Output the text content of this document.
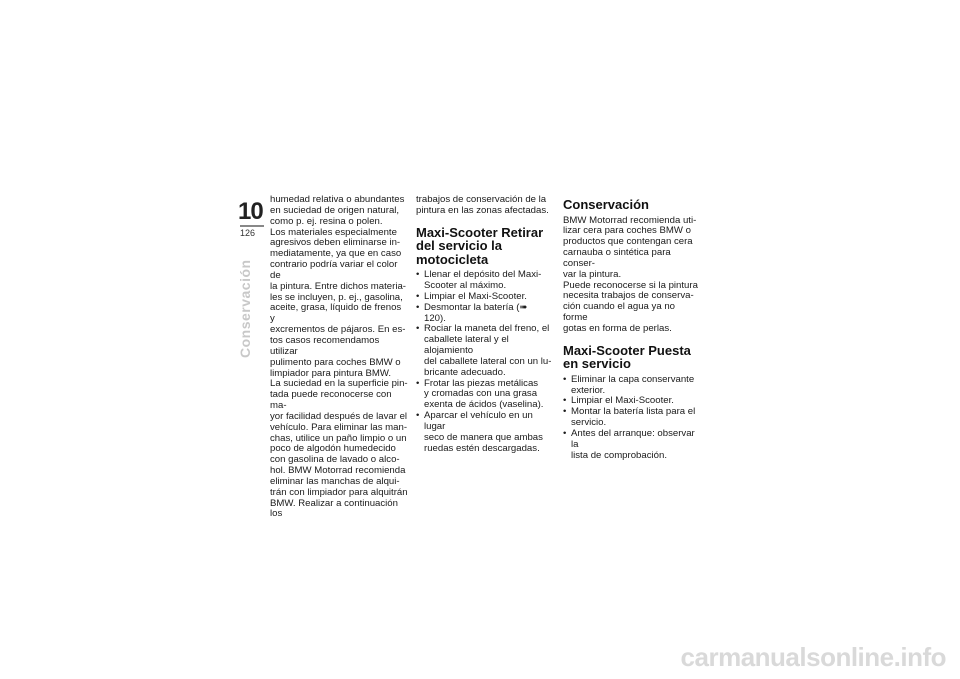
10
126
Conservación

humedad relativa o abundantes
en suciedad de origen natural,
como p. ej. resina o polen.

Los materiales especialmente
agresivos deben eliminarse in-
mediatamente, ya que en caso
contrario podría variar el color de
la pintura. Entre dichos materia-
les se incluyen, p. ej., gasolina,
aceite, grasa, líquido de frenos y
excrementos de pájaros. En es-
tos casos recomendamos utilizar
pulimento para coches BMW o
limpiador para pintura BMW.

La suciedad en la superficie pin-
tada puede reconocerse con ma-
yor facilidad después de lavar el
vehículo. Para eliminar las man-
chas, utilice un paño limpio o un
poco de algodón humedecido
con gasolina de lavado o alco-
hol. BMW Motorrad recomienda
eliminar las manchas de alqui-
trán con limpiador para alquitrán
BMW. Realizar a continuación los

trabajos de conservación de la
pintura en las zonas afectadas.

Maxi-Scooter Retirar
del servicio la
motocicleta
• Llenar el depósito del Maxi-
Scooter al máximo.
• Limpiar el Maxi-Scooter.
• Desmontar la batería (➠ 120).
• Rociar la maneta del freno, el
caballete lateral y el alojamiento
del caballete lateral con un lu-
bricante adecuado.
• Frotar las piezas metálicas
y cromadas con una grasa
exenta de ácidos (vaselina).
• Aparcar el vehículo en un lugar
seco de manera que ambas
ruedas estén descargadas.
Conservación

BMW Motorrad recomienda uti-
lizar cera para coches BMW o
productos que contengan cera
carnauba o sintética para conser-
var la pintura.

Puede reconocerse si la pintura
necesita trabajos de conserva-
ción cuando el agua ya no forme
gotas en forma de perlas.

Maxi-Scooter Puesta
en servicio
• Eliminar la capa conservante
exterior.
• Limpiar el Maxi-Scooter.
• Montar la batería lista para el
servicio.
• Antes del arranque: observar la
lista de comprobación.
carmanualsonline.info
